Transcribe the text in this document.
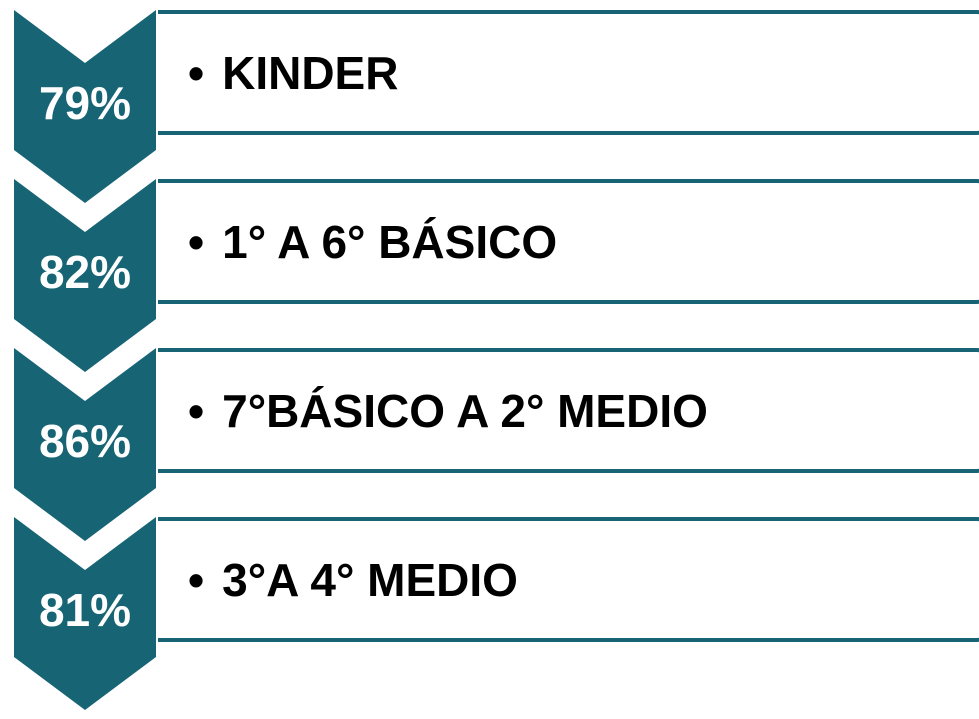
• KINDER

79%

• 1° A 6° BÁSICO

82%

• 7°BÁSICO A 2° MEDIO

86%

• 3°A 4° MEDIO

81%
